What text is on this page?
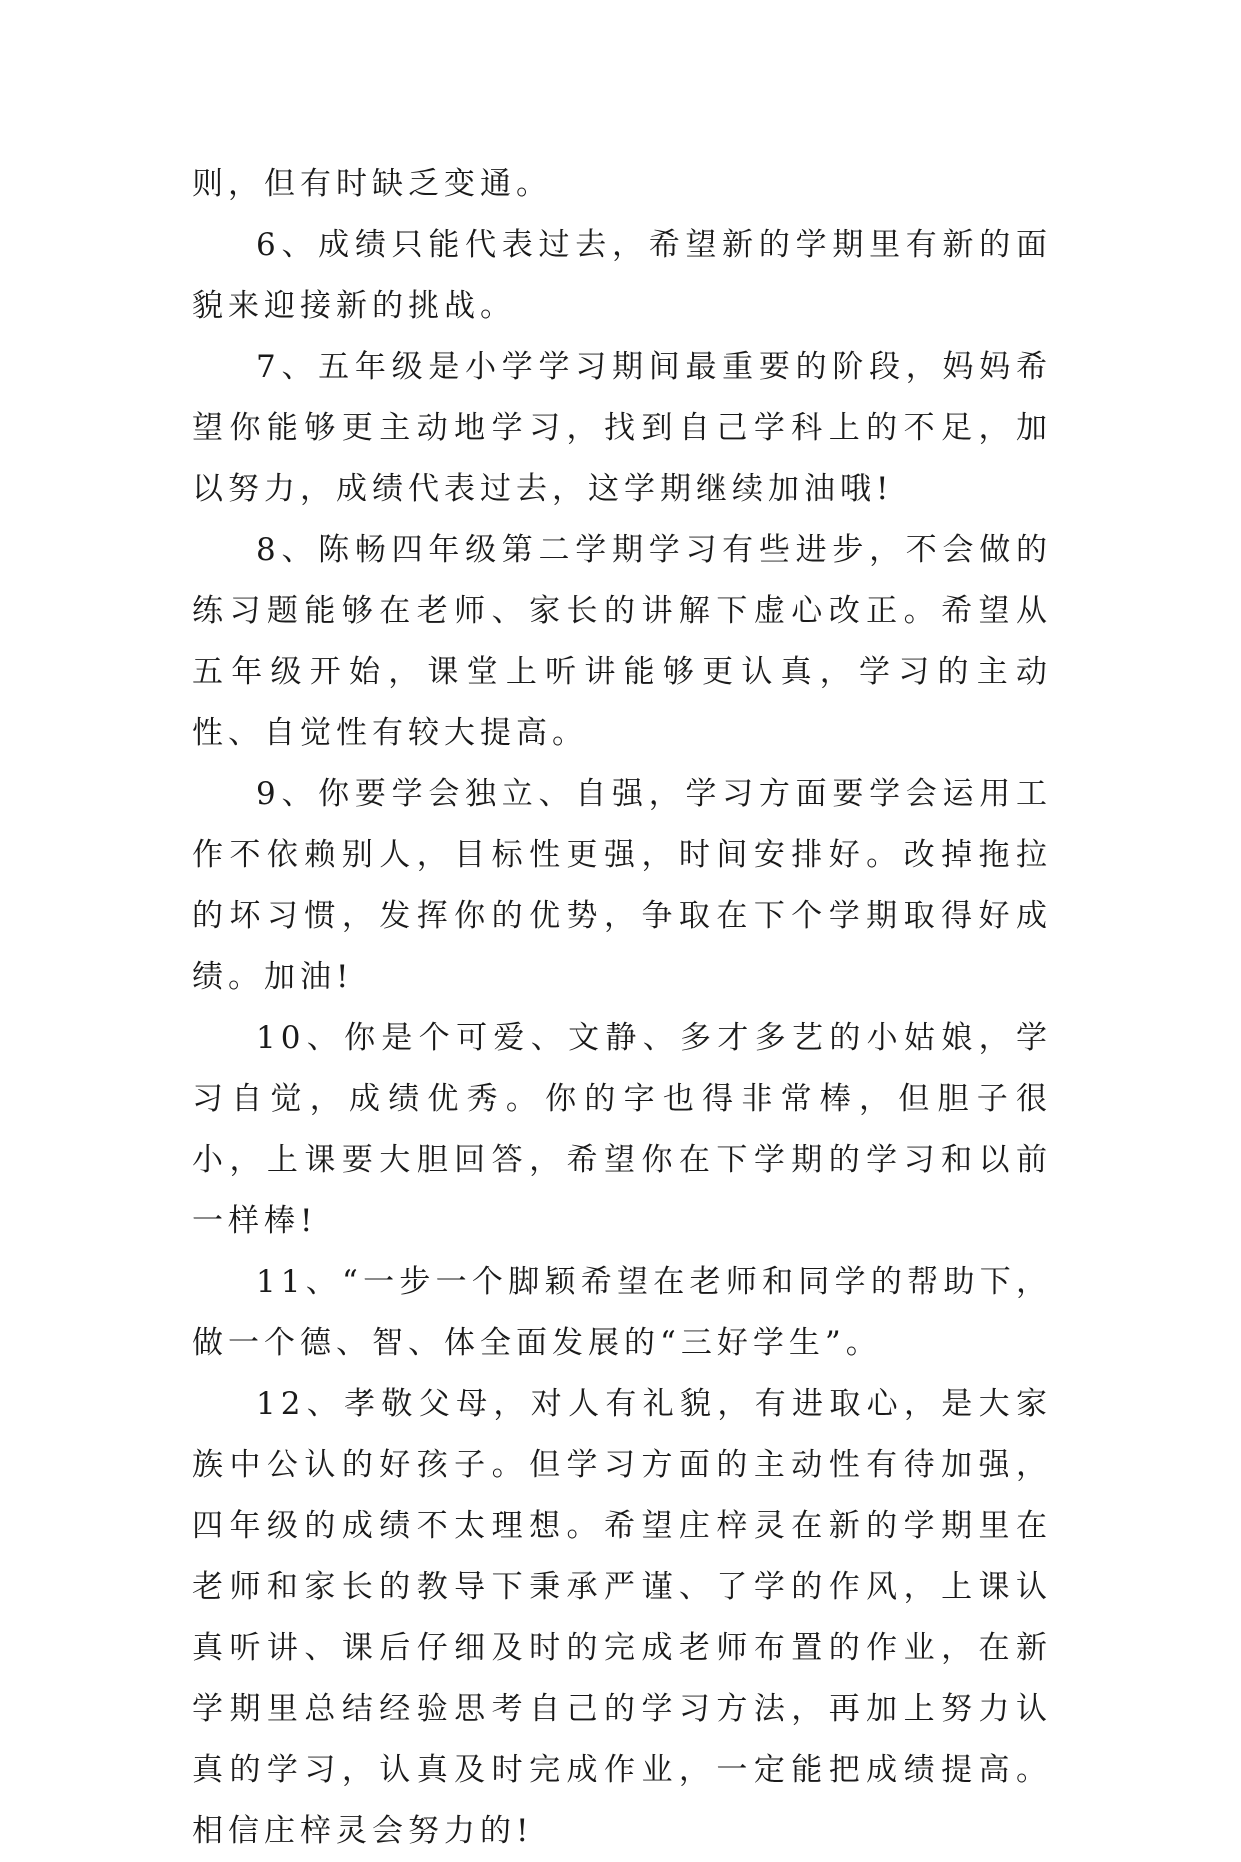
则，但有时缺乏变通。

6、成绩只能代表过去，希望新的学期里有新的面貌来迎接新的挑战。

7、五年级是小学学习期间最重要的阶段，妈妈希望你能够更主动地学习，找到自己学科上的不足，加以努力，成绩代表过去，这学期继续加油哦!

8、陈畅四年级第二学期学习有些进步，不会做的练习题能够在老师、家长的讲解下虚心改正。希望从五年级开始，课堂上听讲能够更认真，学习的主动性、自觉性有较大提高。

9、你要学会独立、自强，学习方面要学会运用工作不依赖别人，目标性更强，时间安排好。改掉拖拉的坏习惯，发挥你的优势，争取在下个学期取得好成绩。加油!

10、你是个可爱、文静、多才多艺的小姑娘，学习自觉，成绩优秀。你的字也得非常棒，但胆子很小，上课要大胆回答，希望你在下学期的学习和以前一样棒!

11、“一步一个脚颖希望在老师和同学的帮助下，做一个德、智、体全面发展的“三好学生”。

12、孝敬父母，对人有礼貌，有进取心，是大家族中公认的好孩子。但学习方面的主动性有待加强，四年级的成绩不太理想。希望庄梓灵在新的学期里在老师和家长的教导下秉承严谨、了学的作风，上课认真听讲、课后仔细及时的完成老师布置的作业，在新学期里总结经验思考自己的学习方法，再加上努力认真的学习，认真及时完成作业，一定能把成绩提高。相信庄梓灵会努力的!
